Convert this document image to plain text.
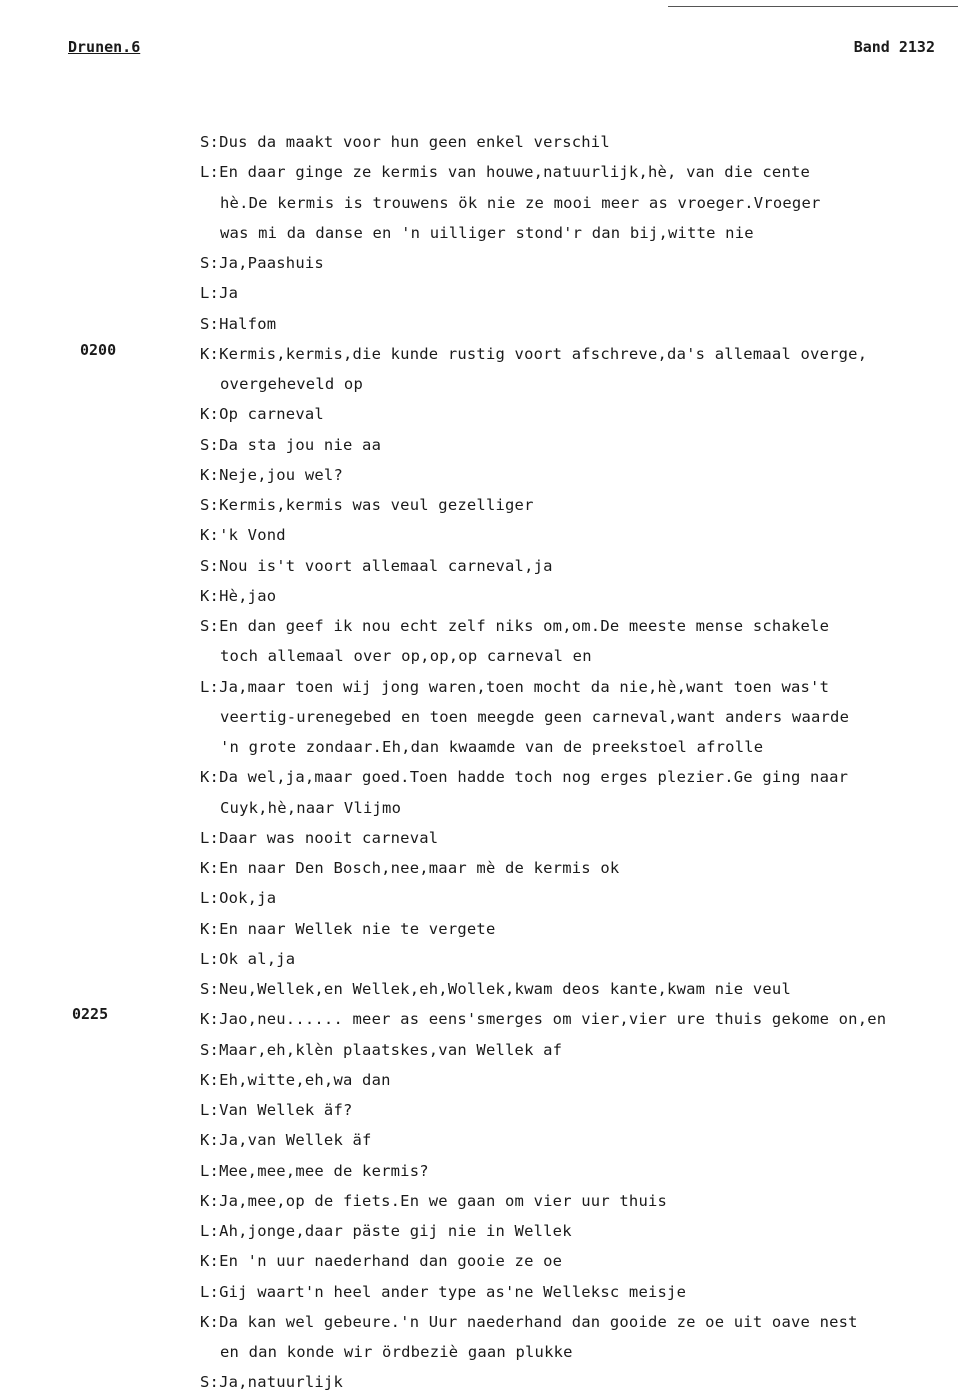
Drunen.6	Band 2132
0200
0225
S:Dus da maakt voor hun geen enkel verschil
L:En daar ginge ze kermis van houwe,natuurlijk,hè, van die cente
hè.De kermis is trouwens ök nie ze mooi meer as vroeger.Vroeger
was mi da danse en 'n uilliger stond'r dan bij,witte nie
S:Ja,Paashuis
L:Ja
S:Halfom
K:Kermis,kermis,die kunde rustig voort afschreve,da's allemaal overge,
overgeheveld op
K:Op carneval
S:Da sta jou nie aa
K:Neje,jou wel?
S:Kermis,kermis was veul gezelliger
K:'k Vond
S:Nou is't voort allemaal carneval,ja
K:Hè,jao
S:En dan geef ik nou echt zelf niks om,om.De meeste mense schakele
toch allemaal over op,op,op carneval en
L:Ja,maar toen wij jong waren,toen mocht da nie,hè,want toen was't
veertig-urenegebed en toen meegde geen carneval,want anders waarde
'n grote zondaar.Eh,dan kwaamde van de preekstoel afrolle
K:Da wel,ja,maar goed.Toen hadde toch nog erges plezier.Ge ging naar
Cuyk,hè,naar Vlijmo
L:Daar was nooit carneval
K:En naar Den Bosch,nee,maar mè de kermis ok
L:Ook,ja
K:En naar Wellek nie te vergete
L:Ok al,ja
S:Neu,Wellek,en Wellek,eh,Wollek,kwam deos kante,kwam nie veul
K:Jao,neu...... meer as eens'smerges om vier,vier ure thuis gekome on,en
S:Maar,eh,klèn plaatskes,van Wellek af
K:Eh,witte,eh,wa dan
L:Van Wellek äf?
K:Ja,van Wellek äf
L:Mee,mee,mee de kermis?
K:Ja,mee,op de fiets.En we gaan om vier uur thuis
L:Ah,jonge,daar päste gij nie in Wellek
K:En 'n uur naederhand dan gooie ze oe
L:Gij waart'n heel ander type as'ne Welleksc meisje
K:Da kan wel gebeure.'n Uur naederhand dan gooide ze oe uit oave nest
en dan konde wir ördbeziè gaan plukke
S:Ja,natuurlijk
